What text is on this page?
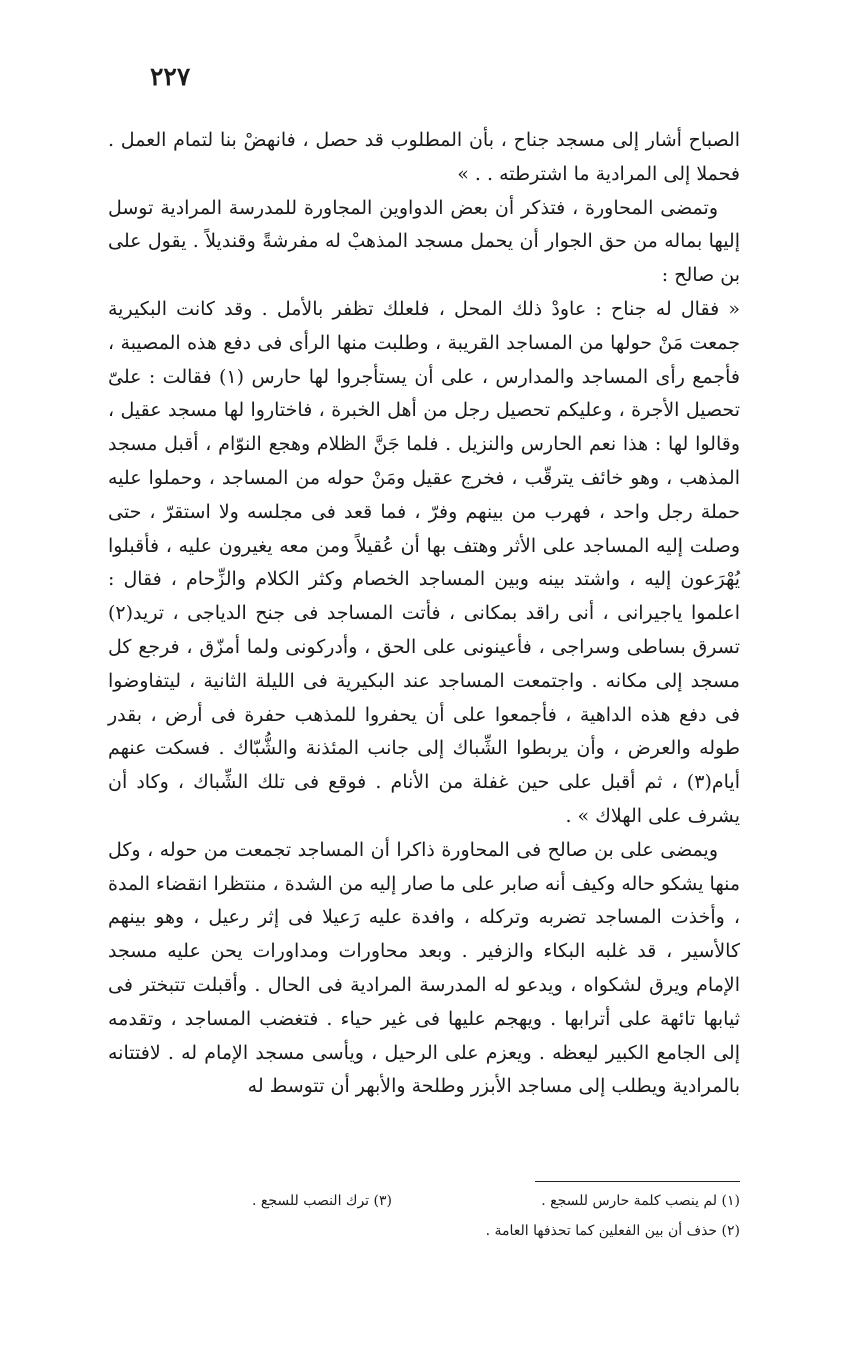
٢٢٧

الصباح أشار إلى مسجد جناح ، بأن المطلوب قد حصل ، فانهضْ بنا لتمام العمل . فحملا إلى المرادية ما اشترطته . . »

وتمضى المحاورة ، فتذكر أن بعض الدواوين المجاورة للمدرسة المرادية توسل إليها بماله من حق الجوار أن يحمل مسجد المذهبْ له مفرشةً وقنديلاً . يقول على بن صالح :

« فقال له جناح : عاودْ ذلك المحل ، فلعلك تظفر بالأمل . وقد كانت البكيرية جمعت مَنْ حولها من المساجد القريبة ، وطلبت منها الرأى فى دفع هذه المصيبة ، فأجمع رأى المساجد والمدارس ، على أن يستأجروا لها حارس (١) فقالت : علىّ تحصيل الأجرة ، وعليكم تحصيل رجل من أهل الخبرة ، فاختاروا لها مسجد عقيل ، وقالوا لها : هذا نعم الحارس والنزيل . فلما جَنَّ الظلام وهجع النوّام ، أقبل مسجد المذهب ، وهو خائف يترقّب ، فخرج عقيل ومَنْ حوله من المساجد ، وحملوا عليه حملة رجل واحد ، فهرب من بينهم وفرّ ، فما قعد فى مجلسه ولا استقرّ ، حتى وصلت إليه المساجد على الأثر وهتف بها أن عُقيلاً ومن معه يغيرون عليه ، فأقبلوا يُهْرَعون إليه ، واشتد بينه وبين المساجد الخصام وكثر الكلام والزِّحام ، فقال : اعلموا ياجيرانى ، أنى راقد بمكانى ، فأتت المساجد فى جنح الدياجى ، تريد(٢) تسرق بساطى وسراجى ، فأعينونى على الحق ، وأدركونى ولما أمزّق ، فرجع كل مسجد إلى مكانه . واجتمعت المساجد عند البكيرية فى الليلة الثانية ، ليتفاوضوا فى دفع هذه الداهية ، فأجمعوا على أن يحفروا للمذهب حفرة فى أرض ، بقدر طوله والعرض ، وأن يربطوا الشِّباك إلى جانب المئذنة والشُّبّاك . فسكت عنهم أيام(٣) ، ثم أقبل على حين غفلة من الأنام . فوقع فى تلك الشِّباك ، وكاد أن يشرف على الهلاك » .

ويمضى على بن صالح فى المحاورة ذاكرا أن المساجد تجمعت من حوله ، وكل منها يشكو حاله وكيف أنه صابر على ما صار إليه من الشدة ، منتظرا انقضاء المدة ، وأخذت المساجد تضربه وتركله ، وافدة عليه رَعيلا فى إثر رعيل ، وهو بينهم كالأسير ، قد غلبه البكاء والزفير . وبعد محاورات ومداورات يحن عليه مسجد الإمام ويرق لشكواه ، ويدعو له المدرسة المرادية فى الحال . وأقبلت تتبختر فى ثيابها تائهة على أترابها . ويهجم عليها فى غير حياء . فتغضب المساجد ، وتقدمه إلى الجامع الكبير ليعظه . ويعزم على الرحيل ، ويأسى مسجد الإمام له . لافتتانه بالمرادية ويطلب إلى مساجد الأبزر وطلحة والأبهر أن تتوسط له

(١) لم ينصب كلمة حارس للسجع .
(٣) ترك النصب للسجع .
(٢) حذف أن بين الفعلين كما تحذفها العامة .
